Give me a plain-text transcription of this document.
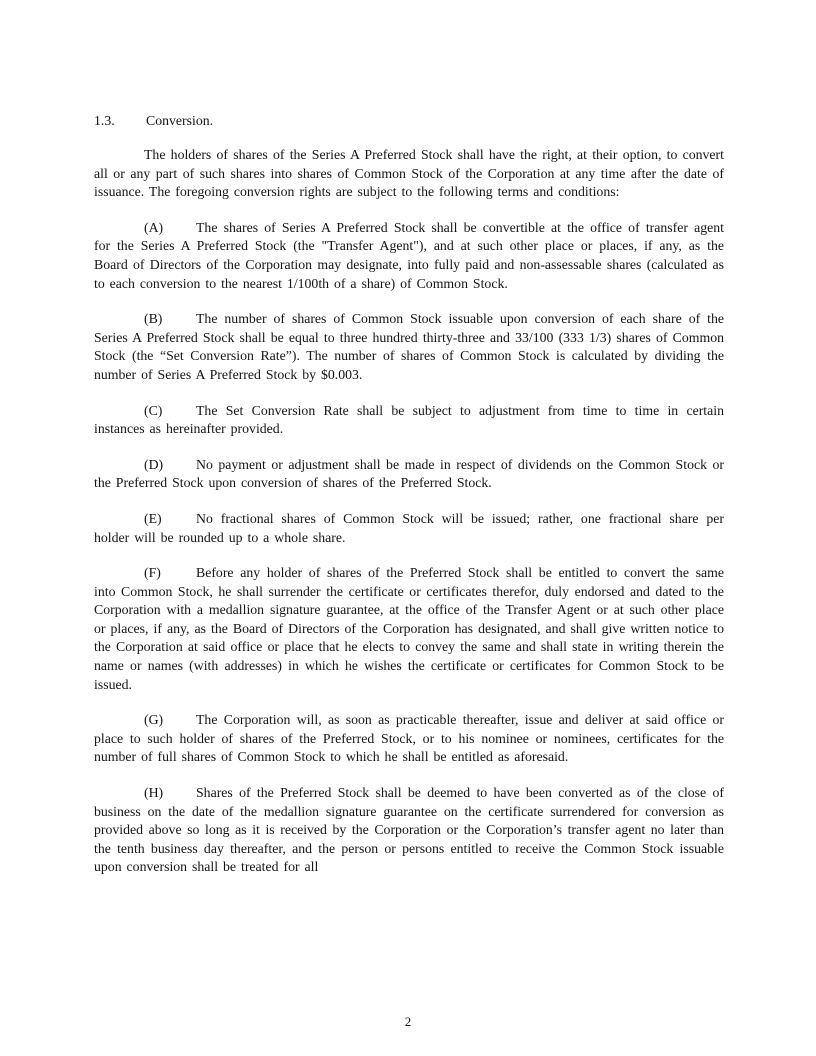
1.3. Conversion.

The holders of shares of the Series A Preferred Stock shall have the right, at their option, to convert all or any part of such shares into shares of Common Stock of the Corporation at any time after the date of issuance. The foregoing conversion rights are subject to the following terms and conditions:

(A) The shares of Series A Preferred Stock shall be convertible at the office of transfer agent for the Series A Preferred Stock (the "Transfer Agent"), and at such other place or places, if any, as the Board of Directors of the Corporation may designate, into fully paid and non-assessable shares (calculated as to each conversion to the nearest 1/100th of a share) of Common Stock.

(B) The number of shares of Common Stock issuable upon conversion of each share of the Series A Preferred Stock shall be equal to three hundred thirty-three and 33/100 (333 1/3) shares of Common Stock (the “Set Conversion Rate”). The number of shares of Common Stock is calculated by dividing the number of Series A Preferred Stock by $0.003.

(C) The Set Conversion Rate shall be subject to adjustment from time to time in certain instances as hereinafter provided.

(D) No payment or adjustment shall be made in respect of dividends on the Common Stock or the Preferred Stock upon conversion of shares of the Preferred Stock.

(E) No fractional shares of Common Stock will be issued; rather, one fractional share per holder will be rounded up to a whole share.

(F)	Before any holder of shares of the Preferred Stock shall be entitled to convert the same into Common Stock, he shall surrender the certificate or certificates therefor, duly endorsed and dated to the Corporation with a medallion signature guarantee, at the office of the Transfer Agent or at such other place or places, if any, as the Board of Directors of the Corporation has designated, and shall give written notice to the Corporation at said office or place that he elects to convey the same and shall state in writing therein the name or names (with addresses) in which he wishes the certificate or certificates for Common Stock to be issued.

(G) The Corporation will, as soon as practicable thereafter, issue and deliver at said office or place to such holder of shares of the Preferred Stock, or to his nominee or nominees, certificates for the number of full shares of Common Stock to which he shall be entitled as aforesaid.

(H) Shares of the Preferred Stock shall be deemed to have been converted as of the close of business on the date of the medallion signature guarantee on the certificate surrendered for conversion as provided above so long as it is received by the Corporation or the Corporation’s transfer agent no later than the tenth business day thereafter, and the person or persons entitled to receive the Common Stock issuable upon conversion shall be treated for all

2
